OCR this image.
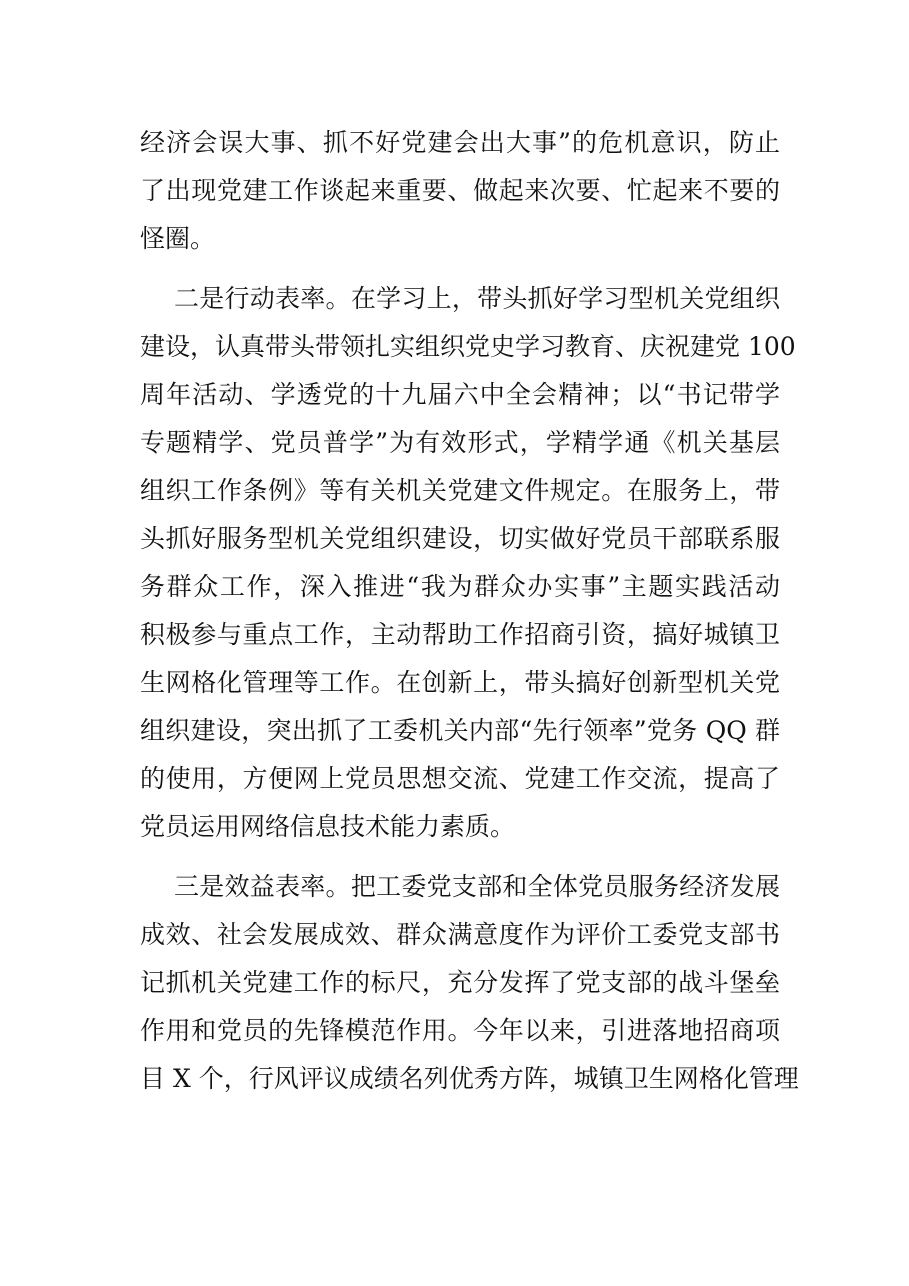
经济会误大事、抓不好党建会出大事”的危机意识，防止

了出现党建工作谈起来重要、做起来次要、忙起来不要的

怪圈。

二是行动表率。在学习上，带头抓好学习型机关党组织

建设，认真带头带领扎实组织党史学习教育、庆祝建党 100

周年活动、学透党的十九届六中全会精神；以“书记带学

专题精学、党员普学”为有效形式，学精学通《机关基层

组织工作条例》等有关机关党建文件规定。在服务上，带

头抓好服务型机关党组织建设，切实做好党员干部联系服

务群众工作，深入推进“我为群众办实事”主题实践活动

积极参与重点工作，主动帮助工作招商引资，搞好城镇卫

生网格化管理等工作。在创新上，带头搞好创新型机关党

组织建设，突出抓了工委机关内部“先行领率”党务 QQ 群

的使用，方便网上党员思想交流、党建工作交流，提高了

党员运用网络信息技术能力素质。

三是效益表率。把工委党支部和全体党员服务经济发展

成效、社会发展成效、群众满意度作为评价工委党支部书

记抓机关党建工作的标尺，充分发挥了党支部的战斗堡垒

作用和党员的先锋模范作用。今年以来，引进落地招商项

目 X 个，行风评议成绩名列优秀方阵，城镇卫生网格化管理
